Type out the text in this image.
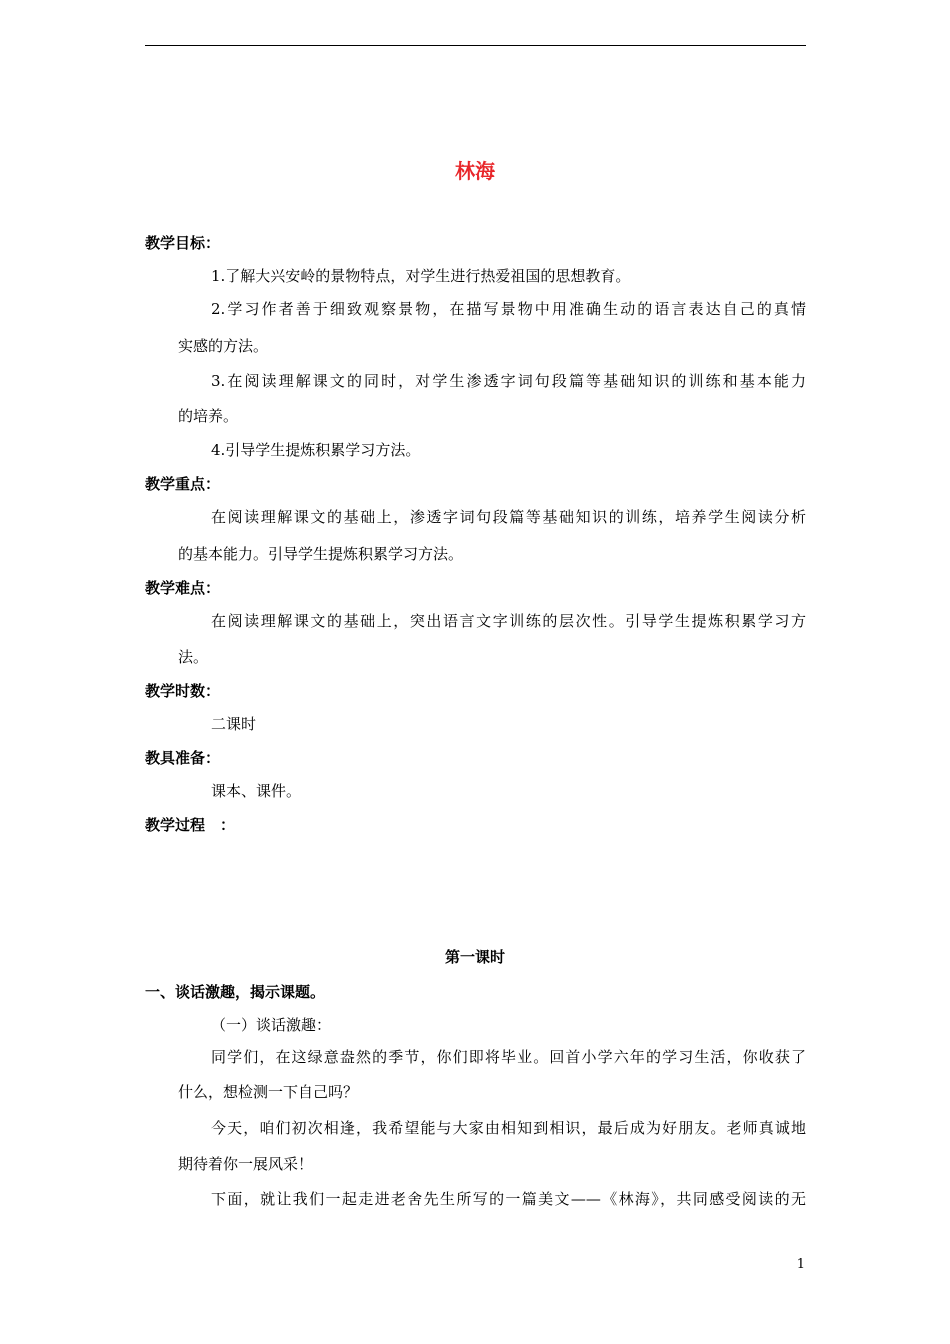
林海
教学目标：
1.了解大兴安岭的景物特点，对学生进行热爱祖国的思想教育。
2.学习作者善于细致观察景物，在描写景物中用准确生动的语言表达自己的真情
实感的方法。
3.在阅读理解课文的同时，对学生渗透字词句段篇等基础知识的训练和基本能力
的培养。
4.引导学生提炼积累学习方法。
教学重点：
在阅读理解课文的基础上，渗透字词句段篇等基础知识的训练，培养学生阅读分析
的基本能力。引导学生提炼积累学习方法。
教学难点：
在阅读理解课文的基础上，突出语言文字训练的层次性。引导学生提炼积累学习方
法。
教学时数：
二课时
教具准备：
课本、课件。
教学过程　：
第一课时
一、谈话激趣，揭示课题。
（一）谈话激趣：
同学们，在这绿意盎然的季节，你们即将毕业。回首小学六年的学习生活，你收获了
什么，想检测一下自己吗？
今天，咱们初次相逢，我希望能与大家由相知到相识，最后成为好朋友。老师真诚地
期待着你一展风采！
下面，就让我们一起走进老舍先生所写的一篇美文——《林海》，共同感受阅读的无
1
